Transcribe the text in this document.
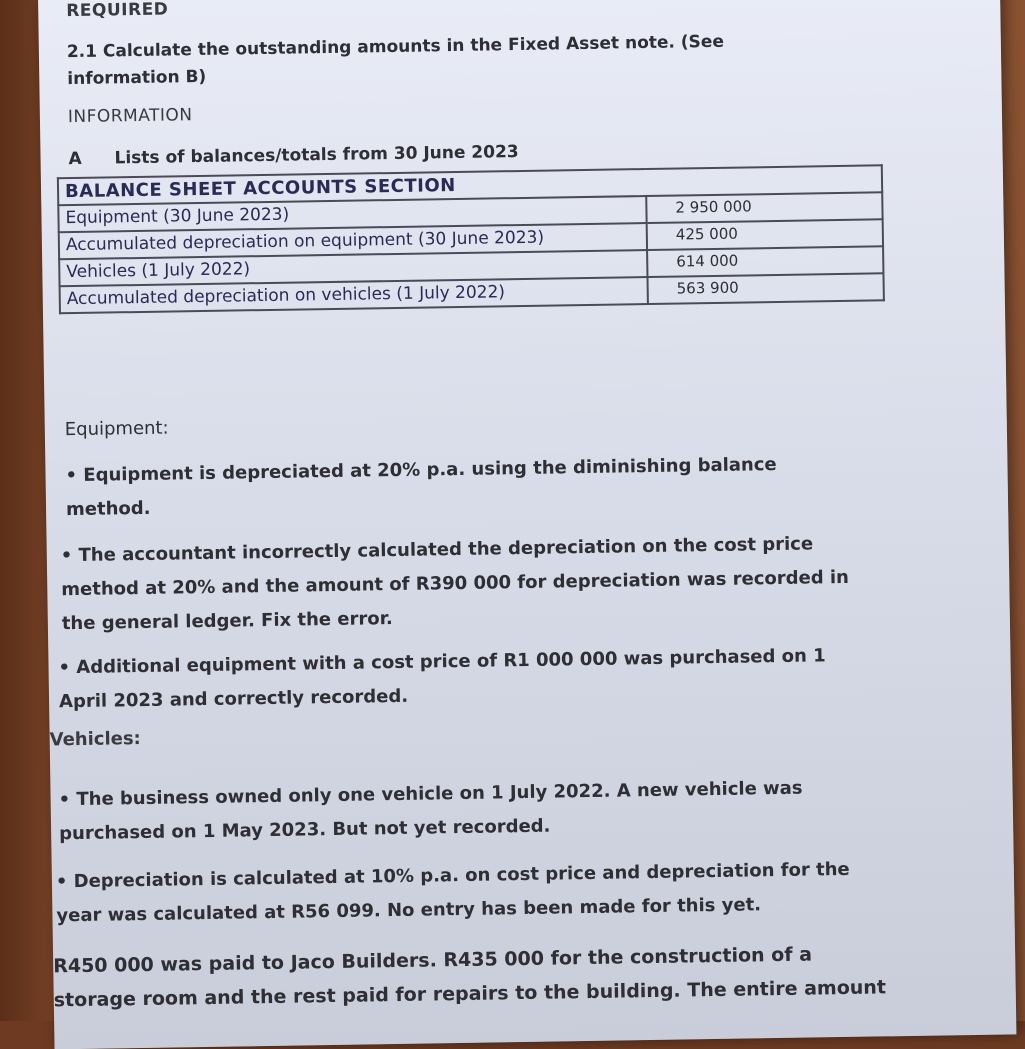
REQUIRED
2.1 Calculate the outstanding amounts in the Fixed Asset note. (See
information B)
INFORMATION
A Lists of balances/totals from 30 June 2023
BALANCE SHEET ACCOUNTS SECTION	
Equipment (30 June 2023)	2 950 000
Accumulated depreciation on equipment (30 June 2023)	425 000
Vehicles (1 July 2022)	614 000
Accumulated depreciation on vehicles (1 July 2022)	563 900
Equipment:
• Equipment is depreciated at 20% p.a. using the diminishing balance
method.
• The accountant incorrectly calculated the depreciation on the cost price
method at 20% and the amount of R390 000 for depreciation was recorded in
the general ledger. Fix the error.
• Additional equipment with a cost price of R1 000 000 was purchased on 1
April 2023 and correctly recorded.
Vehicles:
• The business owned only one vehicle on 1 July 2022. A new vehicle was
purchased on 1 May 2023. But not yet recorded.
• Depreciation is calculated at 10% p.a. on cost price and depreciation for the
year was calculated at R56 099. No entry has been made for this yet.
R450 000 was paid to Jaco Builders. R435 000 for the construction of a
storage room and the rest paid for repairs to the building. The entire amount
